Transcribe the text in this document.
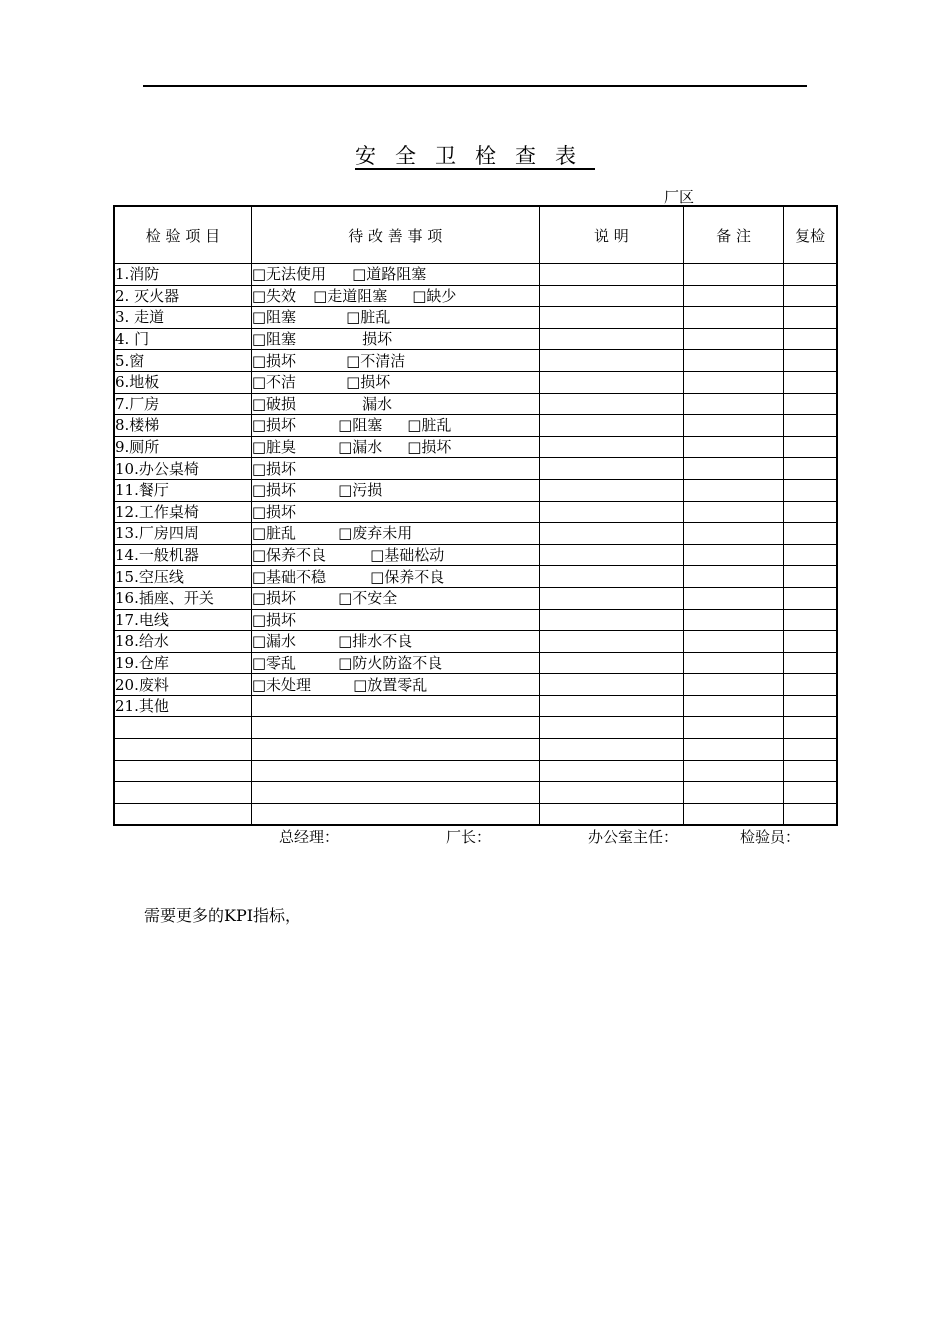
安全卫栓查表
厂区
检 验 项 目	待 改 善 事 项	说 明	备 注	复检
1.消防	□无法使用 □道路阻塞			
2. 灭火器	□失效 □走道阻塞 □缺少			
3. 走道	□阻塞 □脏乱			
4. 门	□阻塞 损坏			
5.窗	□损坏 □不清洁			
6.地板	□不洁 □损坏			
7.厂房	□破损 漏水			
8.楼梯	□损坏 □阻塞 □脏乱			
9.厕所	□脏臭 □漏水 □损坏			
10.办公桌椅	□损坏			
11.餐厅	□损坏 □污损			
12.工作桌椅	□损坏			
13.厂房四周	□脏乱 □废弃未用			
14.一般机器	□保养不良 □基础松动			
15.空压线	□基础不稳 □保养不良			
16.插座、开关	□损坏 □不安全			
17.电线	□损坏			
18.给水	□漏水 □排水不良			
19.仓库	□零乱 □防火防盗不良			
20.废料	□未处理 □放置零乱			
21.其他				

总经理：	厂长：	办公室主任：	检验员：
需要更多的KPI指标，
